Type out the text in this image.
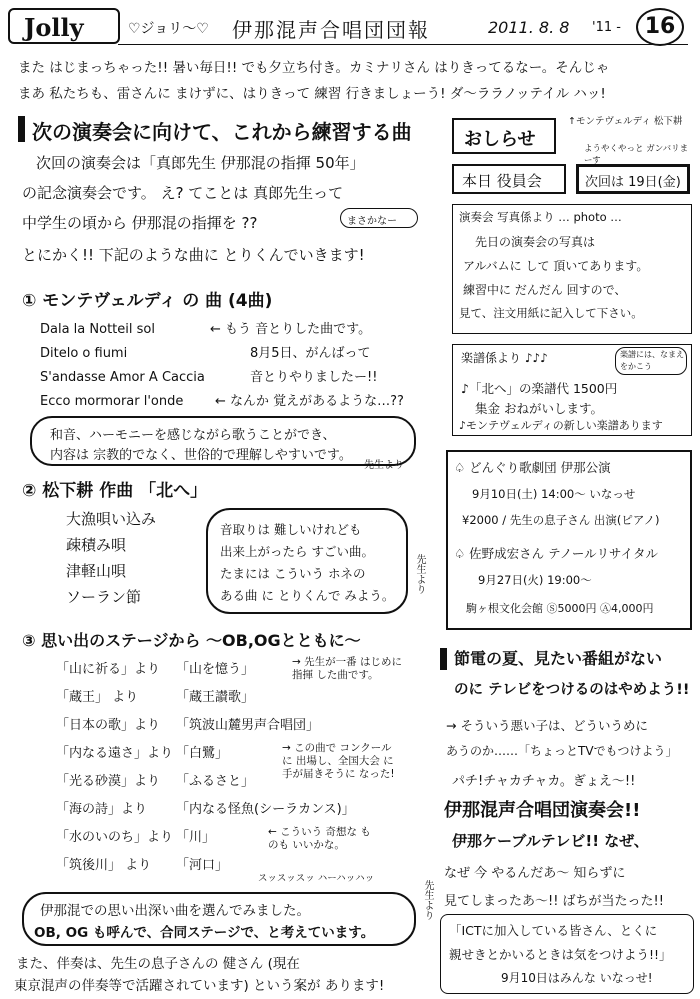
Jolly	♡ジョリ〜♡ 伊那混声合唱団団報	2011. 8. 8 '11 -	16
また はじまっちゃった!! 暑い毎日!! でも夕立ち付き。カミナリさん はりきってるなー。そんじゃ
まあ 私たちも、雷さんに まけずに、はりきって 練習 行きましょーう! ダ〜ララノッテイル ハッ!
次の演奏会に向けて、これから練習する曲
次回の演奏会は「真郎先生 伊那混の指揮 50年」
の記念演奏会です。 え? てことは 真郎先生って
中学生の頃から 伊那混の指揮を ??	まさかなー
とにかく!! 下記のような曲に とりくんでいきます!
① モンテヴェルディ の 曲 (4曲)
Dala la Notteil sol	← もう 音とりした曲です。
Ditelo o fiumi	8月5日、がんばって
S'andasse Amor A Caccia	音とりやりましたー!!
Ecco mormorar l'onde ← なんか 覚えがあるような…??
和音、ハーモニーを感じながら歌うことができ、
内容は 宗教的でなく、世俗的で理解しやすいです。
先生より
② 松下耕 作曲 「北へ」
大漁唄い込み
疎積み唄
津軽山唄
ソーラン節
音取りは 難しいけれども
出来上がったら すごい曲。
たまには こういう ホネの
ある曲 に とりくんで みよう。
先生より
③ 思い出のステージから 〜OB,OGとともに〜
「山に祈る」より 「山を憶う」
「蔵王」 より	「蔵王讃歌」
「日本の歌」より 「筑波山麓男声合唱団」
「内なる遠さ」より 「白鷺」
「光る砂漠」より 「ふるさと」
「海の詩」より 「内なる怪魚(シーラカンス)」
「水のいのち」より 「川」
「筑後川」 より 「河口」
→ 先生が一番 はじめに指揮 した曲です。
→ この曲で コンクールに 出場し、全国大会 に手が届きそうに なった!
← こういう 奇想な ものも いいかな。
スッスッスッ ハーハッハッ
伊那混での思い出深い曲を選んでみました。
OB, OG も呼んで、合同ステージで、と考えています。
先生より
また、伴奏は、先生の息子さんの 健さん (現在
東京混声の伴奏等で活躍されています) という案が あります!
おしらせ
↑モンテヴェルディ 松下耕
ようやくやっと ガンバリまーす
本日 役員会	次回は 19日(金)
演奏会 写真係より … photo …
先日の演奏会の写真は
アルバムに して 頂いてあります。
練習中に だんだん 回すので、
見て、注文用紙に記入して下さい。
楽譜係より ♪♪♪	楽譜には、なまえをかこう
♪「北へ」の楽譜代 1500円
集金 おねがいします。
♪モンテヴェルディの新しい楽譜あります
♤ どんぐり歌劇団 伊那公演
9月10日(土) 14:00〜 いなっせ
¥2000 / 先生の息子さん 出演(ピアノ)
♤ 佐野成宏さん テノールリサイタル
9月27日(火) 19:00〜
駒ヶ根文化会館 Ⓢ5000円 Ⓐ4,000円
節電の夏、見たい番組がない
のに テレビをつけるのはやめよう!!
→ そういう悪い子は、どういうめに
あうのか……「ちょっとTVでもつけよう」
パチ!チャカチャカ。ぎょえ〜!!
伊那混声合唱団演奏会!!
伊那ケーブルテレビ!! なぜ、
なぜ 今 やるんだあ〜 知らずに
見てしまったあ〜!! ばちが当たった!!
「ICTに加入している皆さん、とくに
親せきとかいるときは気をつけよう!!」
9月10日はみんな いなっせ!
